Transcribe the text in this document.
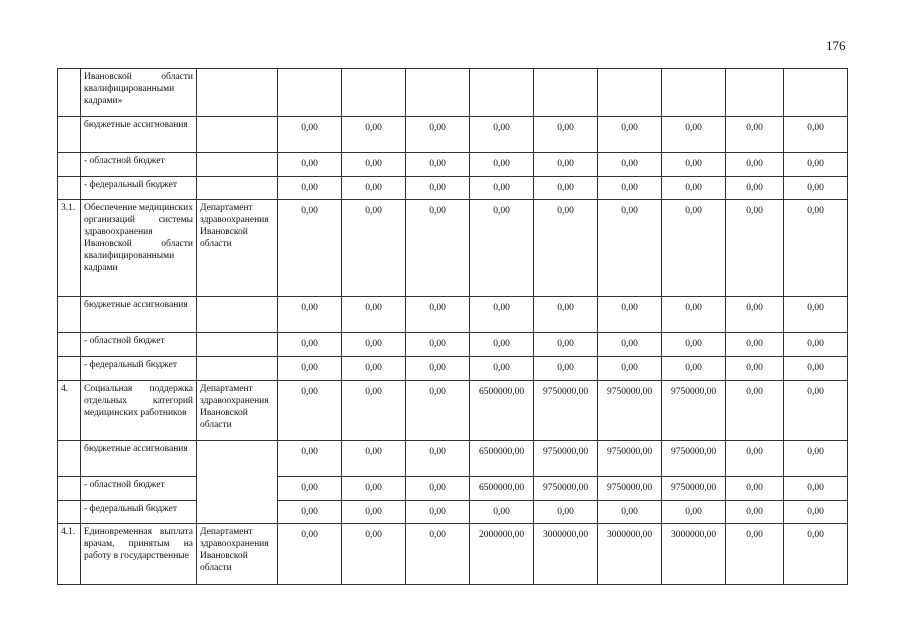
176
	Ивановской области квалифицированными кадрами»										
	бюджетные ассигнования		0,00	0,00	0,00	0,00	0,00	0,00	0,00	0,00	0,00
	- областной бюджет		0,00	0,00	0,00	0,00	0,00	0,00	0,00	0,00	0,00
	- федеральный бюджет		0,00	0,00	0,00	0,00	0,00	0,00	0,00	0,00	0,00
3.1.	Обеспечение медицинских организаций системы здравоохранения Ивановской области квалифицированными кадрами	Департамент здравоохранения Ивановской области	0,00	0,00	0,00	0,00	0,00	0,00	0,00	0,00	0,00
	бюджетные ассигнования		0,00	0,00	0,00	0,00	0,00	0,00	0,00	0,00	0,00
	- областной бюджет		0,00	0,00	0,00	0,00	0,00	0,00	0,00	0,00	0,00
	- федеральный бюджет		0,00	0,00	0,00	0,00	0,00	0,00	0,00	0,00	0,00
4.	Социальная поддержка отдельных категорий медицинских работников	Департамент здравоохранения Ивановской области	0,00	0,00	0,00	6500000,00	9750000,00	9750000,00	9750000,00	0,00	0,00
	бюджетные ассигнования		0,00	0,00	0,00	6500000,00	9750000,00	9750000,00	9750000,00	0,00	0,00
	- областной бюджет		0,00	0,00	0,00	6500000,00	9750000,00	9750000,00	9750000,00	0,00	0,00
	- федеральный бюджет		0,00	0,00	0,00	0,00	0,00	0,00	0,00	0,00	0,00
4.1.	Единовременная выплата врачам, принятым на работу в государственные	Департамент здравоохранения Ивановской области	0,00	0,00	0,00	2000000,00	3000000,00	3000000,00	3000000,00	0,00	0,00
